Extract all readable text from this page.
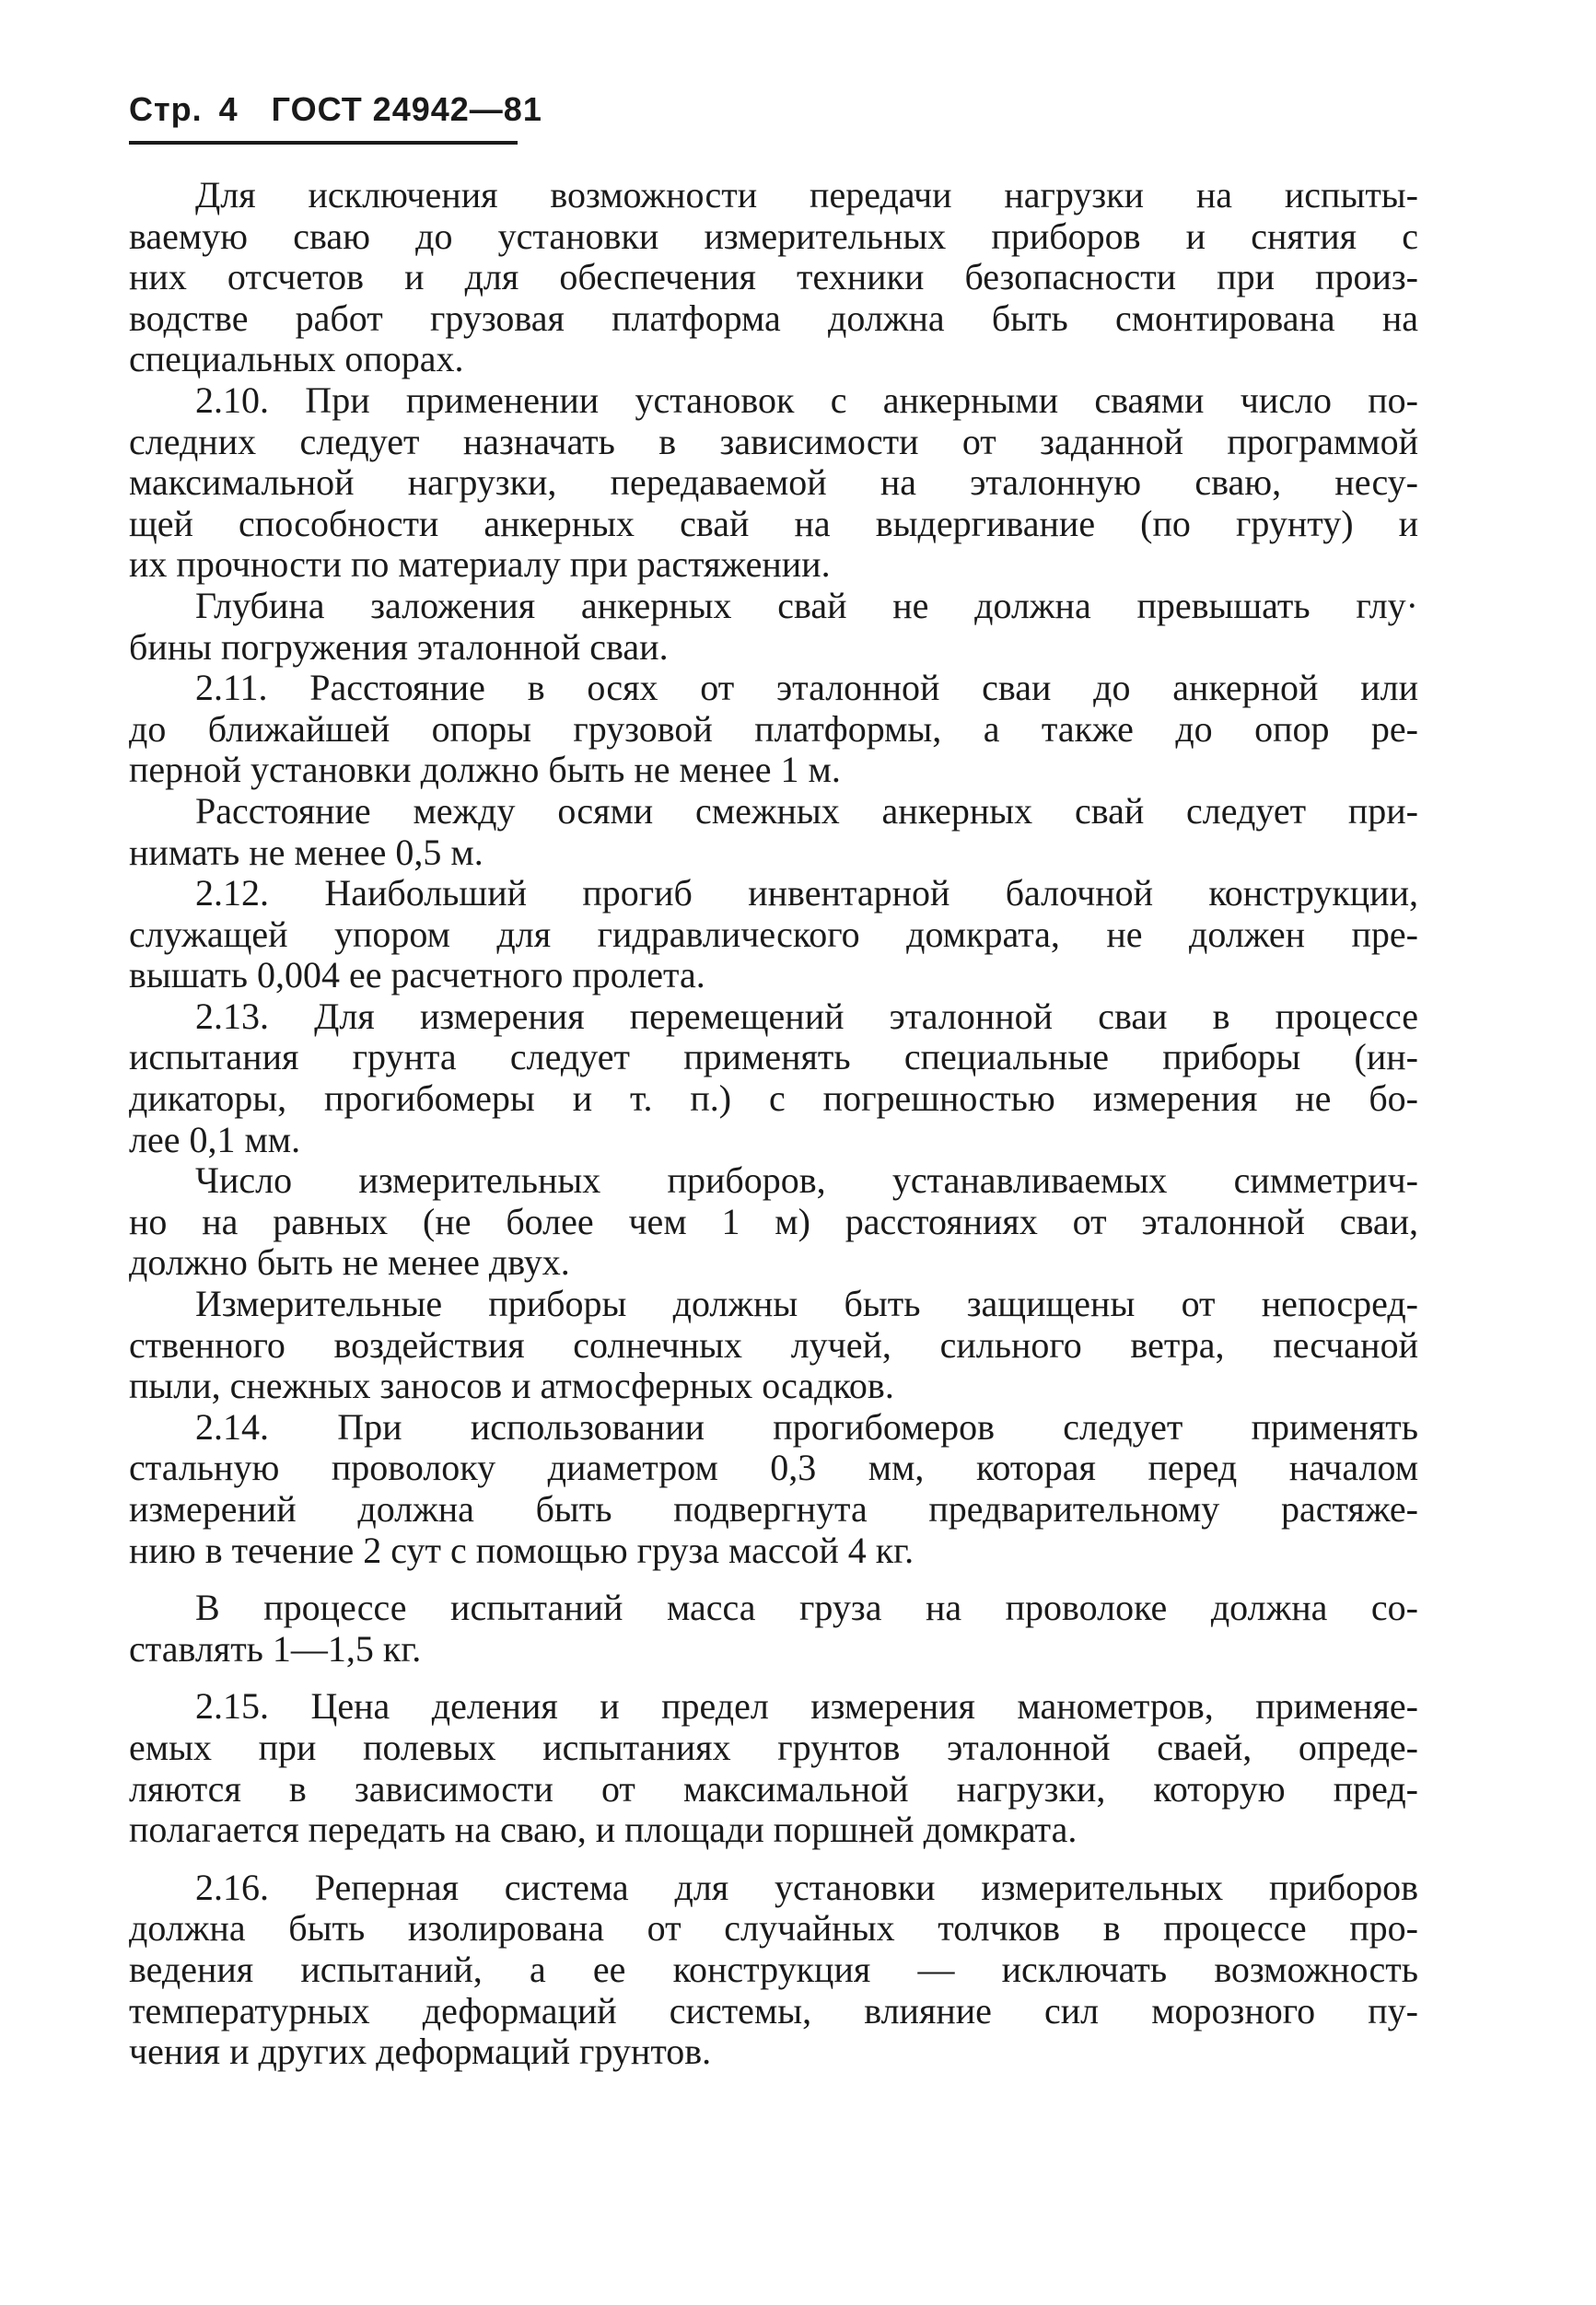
Стр. 4 ГОСТ 24942—81
Для исключения возможности передачи нагрузки на испыты-
ваемую сваю до установки измерительных приборов и снятия с
них отсчетов и для обеспечения техники безопасности при произ-
водстве работ грузовая платформа должна быть смонтирована на
специальных опорах.
2.10. При применении установок с анкерными сваями число по-
следних следует назначать в зависимости от заданной программой
максимальной нагрузки, передаваемой на эталонную сваю, несу-
щей способности анкерных свай на выдергивание (по грунту) и
их прочности по материалу при растяжении.
Глубина заложения анкерных свай не должна превышать глу·
бины погружения эталонной сваи.
2.11. Расстояние в осях от эталонной сваи до анкерной или
до ближайшей опоры грузовой платформы, а также до опор ре-
перной установки должно быть не менее 1 м.
Расстояние между осями смежных анкерных свай следует при-
нимать не менее 0,5 м.
2.12. Наибольший прогиб инвентарной балочной конструкции,
служащей упором для гидравлического домкрата, не должен пре-
вышать 0,004 ее расчетного пролета.
2.13. Для измерения перемещений эталонной сваи в процессе
испытания грунта следует применять специальные приборы (ин-
дикаторы, прогибомеры и т. п.) с погрешностью измерения не бо-
лее 0,1 мм.
Число измерительных приборов, устанавливаемых симметрич-
но на равных (не более чем 1 м) расстояниях от эталонной сваи,
должно быть не менее двух.
Измерительные приборы должны быть защищены от непосред-
ственного воздействия солнечных лучей, сильного ветра, песчаной
пыли, снежных заносов и атмосферных осадков.
2.14. При использовании прогибомеров следует применять
стальную проволоку диаметром 0,3 мм, которая перед началом
измерений должна быть подвергнута предварительному растяже-
нию в течение 2 сут с помощью груза массой 4 кг.
В процессе испытаний масса груза на проволоке должна со-
ставлять 1—1,5 кг.
2.15. Цена деления и предел измерения манометров, применяе-
емых при полевых испытаниях грунтов эталонной сваей, опреде-
ляются в зависимости от максимальной нагрузки, которую пред-
полагается передать на сваю, и площади поршней домкрата.
2.16. Реперная система для установки измерительных приборов
должна быть изолирована от случайных толчков в процессе про-
ведения испытаний, а ее конструкция — исключать возможность
температурных деформаций системы, влияние сил морозного пу-
чения и других деформаций грунтов.
